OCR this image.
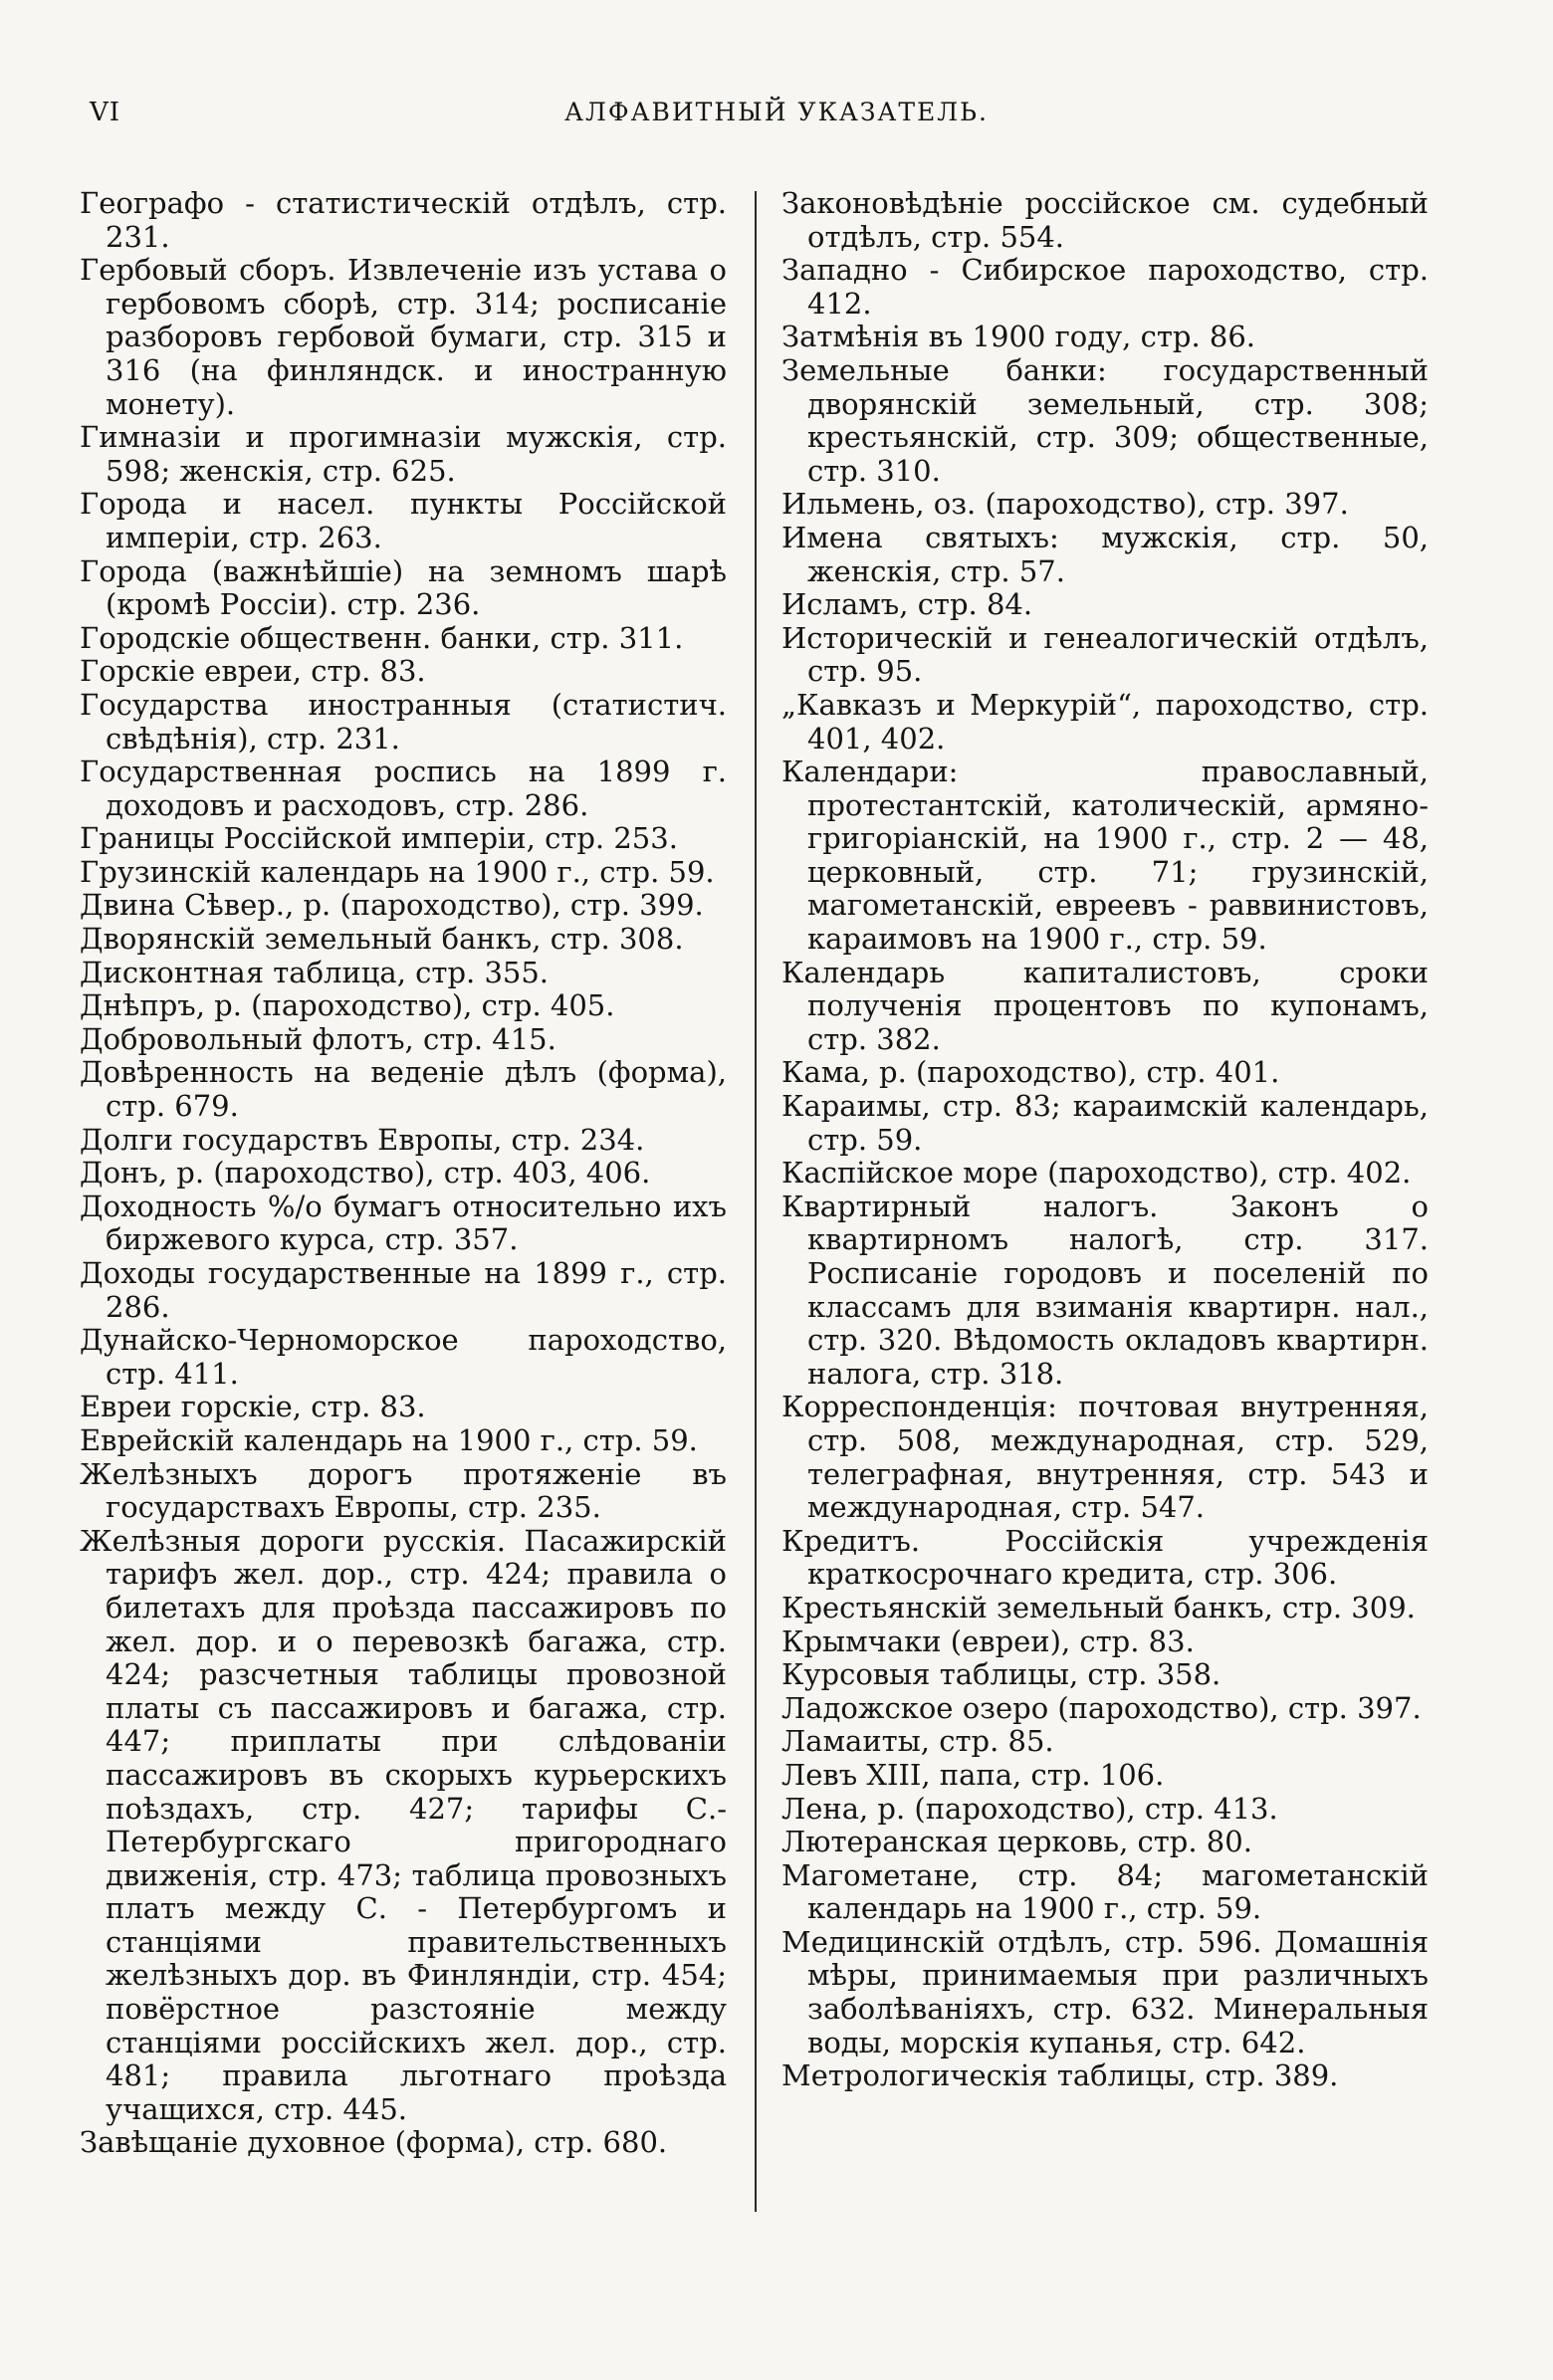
VI	АЛФАВИТНЫЙ УКАЗАТЕЛЬ.

Географо - статистическій отдѣлъ, стр. 231.

Гербовый сборъ. Извлеченіе изъ устава о гербовомъ сборѣ, стр. 314; росписаніе разборовъ гербовой бумаги, стр. 315 и 316 (на финляндск. и иностранную монету).

Гимназіи и прогимназіи мужскія, стр. 598; женскія, стр. 625.

Города и насел. пункты Россійской имперіи, стр. 263.

Города (важнѣйшіе) на земномъ шарѣ (кромѣ Россіи). стр. 236.

Городскіе общественн. банки, стр. 311.

Горскіе евреи, стр. 83.

Государства иностранныя (статистич. свѣдѣнія), стр. 231.

Государственная роспись на 1899 г. доходовъ и расходовъ, стр. 286.

Границы Россійской имперіи, стр. 253.

Грузинскій календарь на 1900 г., стр. 59.

Двина Сѣвер., р. (пароходство), стр. 399.

Дворянскій земельный банкъ, стр. 308.

Дисконтная таблица, стр. 355.

Днѣпръ, р. (пароходство), стр. 405.

Добровольный флотъ, стр. 415.

Довѣренность на веденіе дѣлъ (форма), стр. 679.

Долги государствъ Европы, стр. 234.

Донъ, р. (пароходство), стр. 403, 406.

Доходность %/о бумагъ относительно ихъ биржевого курса, стр. 357.

Доходы государственные на 1899 г., стр. 286.

Дунайско-Черноморское пароходство, стр. 411.

Евреи горскіе, стр. 83.

Еврейскій календарь на 1900 г., стр. 59.

Желѣзныхъ дорогъ протяженіе въ государствахъ Европы, стр. 235.

Желѣзныя дороги русскія. Пасажирскій тарифъ жел. дор., стр. 424; правила о билетахъ для проѣзда пассажировъ по жел. дор. и о перевозкѣ багажа, стр. 424; разсчетныя таблицы провозной платы съ пассажировъ и багажа, стр. 447; приплаты при слѣдованіи пассажировъ въ скорыхъ курьерскихъ поѣздахъ, стр. 427; тарифы С.-Петербургскаго пригороднаго движенія, стр. 473; таблица провозныхъ платъ между С. - Петербургомъ и станціями правительственныхъ желѣзныхъ дор. въ Финляндіи, стр. 454; повёрстное разстояніе между станціями россійскихъ жел. дор., стр. 481; правила льготнаго проѣзда учащихся, стр. 445.

Завѣщаніе духовное (форма), стр. 680.

Законовѣдѣніе россійское см. судебный отдѣлъ, стр. 554.

Западно - Сибирское пароходство, стр. 412.

Затмѣнія въ 1900 году, стр. 86.

Земельные банки: государственный дворянскій земельный, стр. 308; крестьянскій, стр. 309; общественные, стр. 310.

Ильмень, оз. (пароходство), стр. 397.

Имена святыхъ: мужскія, стр. 50, женскія, стр. 57.

Исламъ, стр. 84.

Историческій и генеалогическій отдѣлъ, стр. 95.

„Кавказъ и Меркурій“, пароходство, стр. 401, 402.

Календари: православный, протестантскій, католическій, армяно-григоріанскій, на 1900 г., стр. 2 — 48, церковный, стр. 71; грузинскій, магометанскій, евреевъ - раввинистовъ, караимовъ на 1900 г., стр. 59.

Календарь капиталистовъ, сроки полученія процентовъ по купонамъ, стр. 382.

Кама, р. (пароходство), стр. 401.

Караимы, стр. 83; караимскій календарь, стр. 59.

Каспійское море (пароходство), стр. 402.

Квартирный налогъ. Законъ о квартирномъ налогѣ, стр. 317. Росписаніе городовъ и поселеній по классамъ для взиманія квартирн. нал., стр. 320. Вѣдомость окладовъ квартирн. налога, стр. 318.

Корреспонденція: почтовая внутренняя, стр. 508, международная, стр. 529, телеграфная, внутренняя, стр. 543 и международная, стр. 547.

Кредитъ. Россійскія учрежденія краткосрочнаго кредита, стр. 306.

Крестьянскій земельный банкъ, стр. 309.

Крымчаки (евреи), стр. 83.

Курсовыя таблицы, стр. 358.

Ладожское озеро (пароходство), стр. 397.

Ламаиты, стр. 85.

Левъ XIII, папа, стр. 106.

Лена, р. (пароходство), стр. 413.

Лютеранская церковь, стр. 80.

Магометане, стр. 84; магометанскій календарь на 1900 г., стр. 59.

Медицинскій отдѣлъ, стр. 596. Домашнія мѣры, принимаемыя при различныхъ заболѣваніяхъ, стр. 632. Минеральныя воды, морскія купанья, стр. 642.

Метрологическія таблицы, стр. 389.
